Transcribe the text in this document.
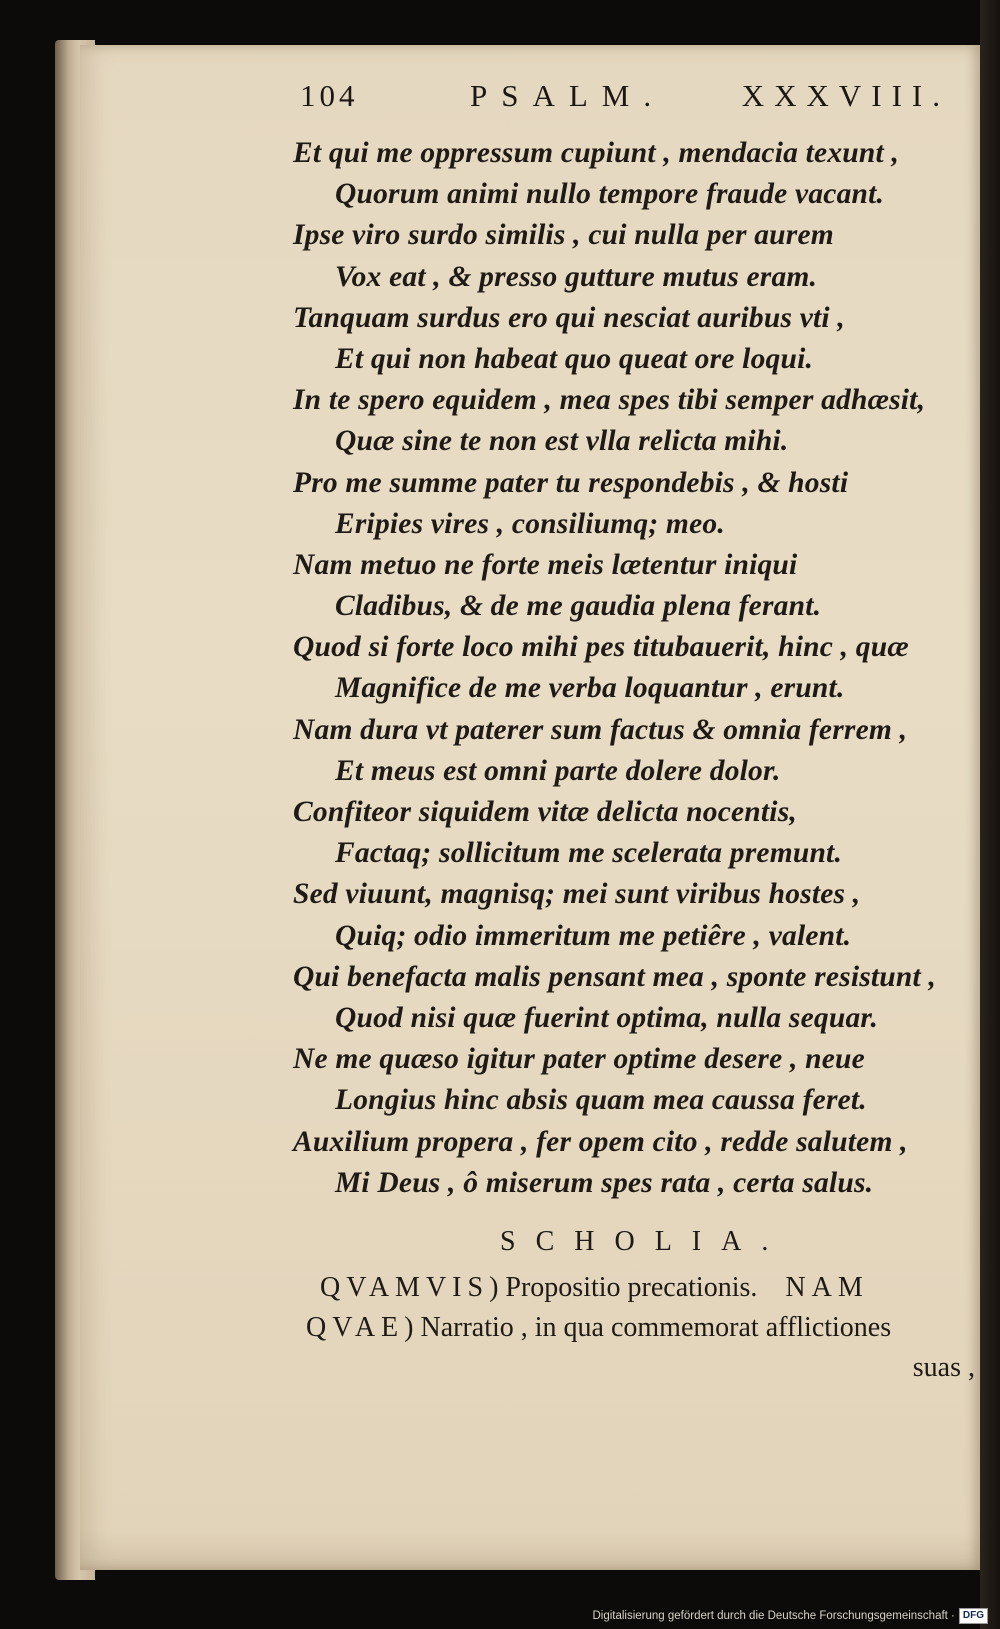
104	PSALM. XXXVIII.
Et qui me oppressum cupiunt , mendacia texunt ,
Quorum animi nullo tempore fraude vacant.
Ipse viro surdo similis , cui nulla per aurem
Vox eat , & presso gutture mutus eram.
Tanquam surdus ero qui nesciat auribus vti ,
Et qui non habeat quo queat ore loqui.
In te spero equidem , mea spes tibi semper adhæsit,
Quæ sine te non est vlla relicta mihi.
Pro me summe pater tu respondebis , & hosti
Eripies vires , consiliumq; meo.
Nam metuo ne forte meis lætentur iniqui
Cladibus, & de me gaudia plena ferant.
Quod si forte loco mihi pes titubauerit, hinc , quæ
Magnifice de me verba loquantur , erunt.
Nam dura vt paterer sum factus & omnia ferrem ,
Et meus est omni parte dolere dolor.
Confiteor siquidem vitæ delicta nocentis,
Factaq; sollicitum me scelerata premunt.
Sed viuunt, magnisq; mei sunt viribus hostes ,
Quiq; odio immeritum me petiêre , valent.
Qui benefacta malis pensant mea , sponte resistunt ,
Quod nisi quæ fuerint optima, nulla sequar.
Ne me quæso igitur pater optime desere , neue
Longius hinc absis quam mea caussa feret.
Auxilium propera , fer opem cito , redde salutem ,
Mi Deus , ô miserum spes rata , certa salus.
SCHOLIA.
QVAMVIS) Propositio precationis. NAM
QVAE) Narratio , in qua commemorat afflictiones
suas ,
Digitalisierung gefördert durch die Deutsche Forschungsgemeinschaft · DFG
